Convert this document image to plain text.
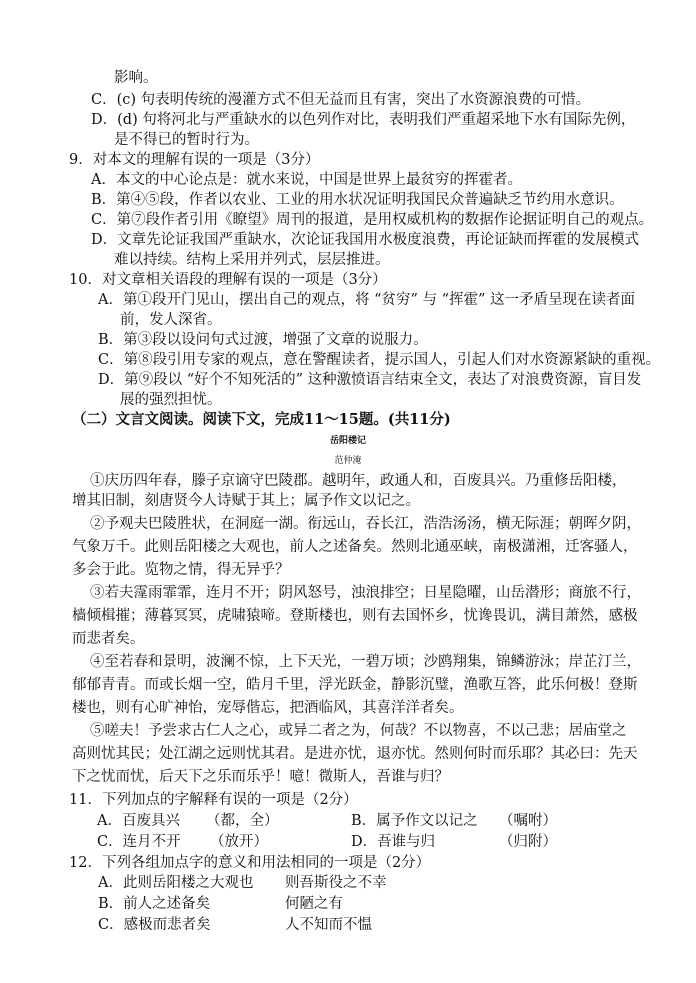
影响。
C．(c) 句表明传统的漫灌方式不但无益而且有害，突出了水资源浪费的可惜。
D．(d) 句将河北与严重缺水的以色列作对比，表明我们严重超采地下水有国际先例，
是不得已的暂时行为。
9．对本文的理解有误的一项是（3分）
A．本文的中心论点是：就水来说，中国是世界上最贫穷的挥霍者。
B．第④⑤段，作者以农业、工业的用水状况证明我国民众普遍缺乏节约用水意识。
C．第⑦段作者引用《瞭望》周刊的报道，是用权威机构的数据作论据证明自己的观点。
D．文章先论证我国严重缺水，次论证我国用水极度浪费，再论证缺而挥霍的发展模式
难以持续。结构上采用并列式，层层推进。
10．对文章相关语段的理解有误的一项是（3分）
A．第①段开门见山，摆出自己的观点，将 “贫穷” 与 “挥霍” 这一矛盾呈现在读者面
前，发人深省。
B．第③段以设问句式过渡，增强了文章的说服力。
C．第⑧段引用专家的观点，意在警醒读者，提示国人，引起人们对水资源紧缺的重视。
D．第⑨段以 “好个不知死活的” 这种激愤语言结束全文，表达了对浪费资源，盲目发
展的强烈担忧。
（二）文言文阅读。阅读下文，完成11～15题。(共11分)
岳阳楼记
范仲淹
①庆历四年春，滕子京谪守巴陵郡。越明年，政通人和，百废具兴。乃重修岳阳楼，
增其旧制，刻唐贤今人诗赋于其上；属予作文以记之。
②予观夫巴陵胜状，在洞庭一湖。衔远山，吞长江，浩浩汤汤，横无际涯；朝晖夕阴，
气象万千。此则岳阳楼之大观也，前人之述备矣。然则北通巫峡，南极潇湘，迁客骚人，
多会于此。览物之情，得无异乎？
③若夫霪雨霏霏，连月不开；阴风怒号，浊浪排空；日星隐曜，山岳潜形；商旅不行，
樯倾楫摧；薄暮冥冥，虎啸猿啼。登斯楼也，则有去国怀乡，忧谗畏讥，满目萧然，感极
而悲者矣。
④至若春和景明，波澜不惊，上下天光，一碧万顷；沙鸥翔集，锦鳞游泳；岸芷汀兰，
郁郁青青。而或长烟一空，皓月千里，浮光跃金，静影沉璧，渔歌互答，此乐何极！登斯
楼也，则有心旷神怡，宠辱偕忘，把酒临风，其喜洋洋者矣。
⑤嗟夫！予尝求古仁人之心，或异二者之为，何哉？不以物喜，不以己悲；居庙堂之
高则忧其民；处江湖之远则忧其君。是进亦忧，退亦忧。然则何时而乐耶？其必曰：先天
下之忧而忧，后天下之乐而乐乎！噫！微斯人，吾谁与归？
11．下列加点的字解释有误的一项是（2分）
A．百废具兴 （都，全）	B．属予作文以记之 （嘱咐）
C．连月不开 （放开）	D．吾谁与归	（归附）
12．下列各组加点字的意义和用法相同的一项是（2分）
A．此则岳阳楼之大观也 则吾斯役之不幸
B．前人之述备矣	何陋之有
C．感极而悲者矣	人不知而不愠
